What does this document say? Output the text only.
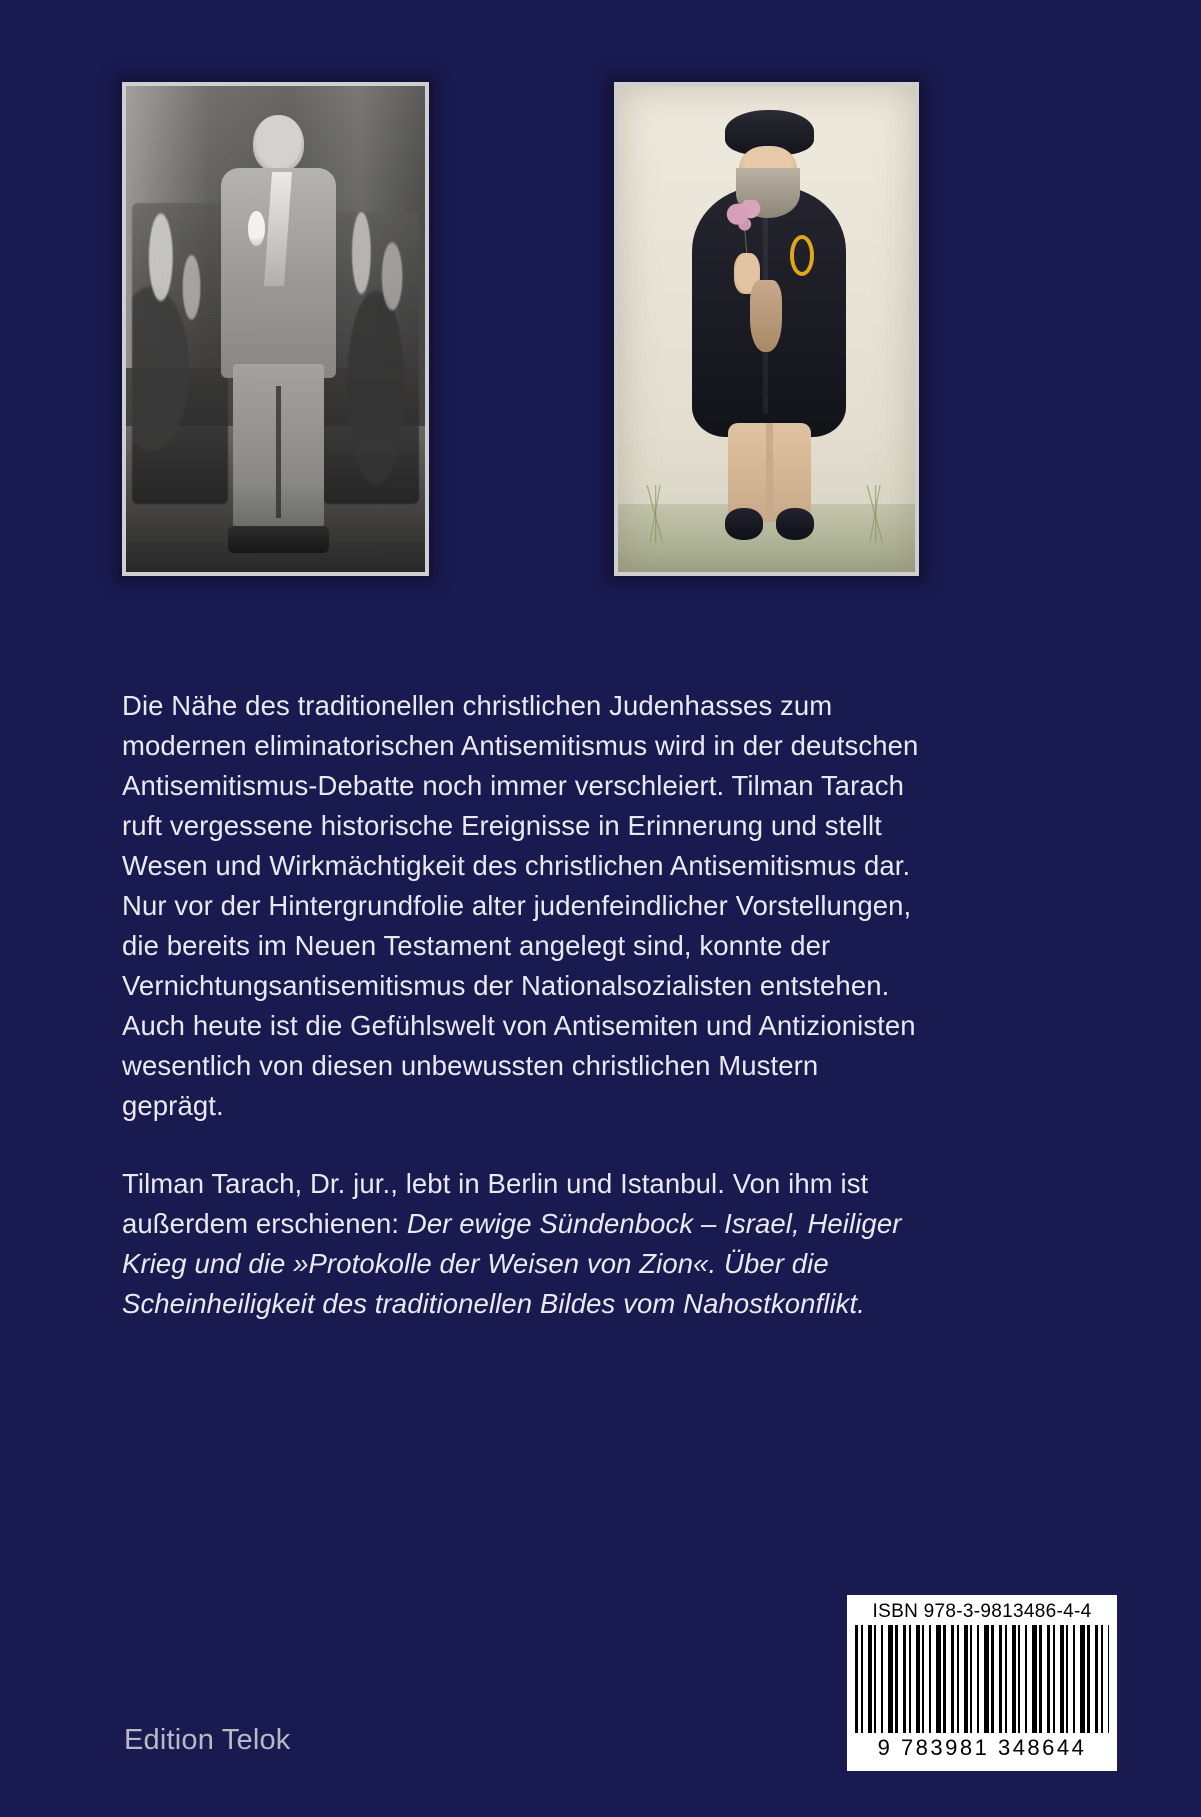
Die Nähe des traditionellen christlichen Judenhasses zum modernen eliminatorischen Antisemitismus wird in der deutschen Antisemitismus-Debatte noch immer verschleiert. Tilman Tarach ruft vergessene historische Ereignisse in Erinnerung und stellt Wesen und Wirkmächtigkeit des christlichen Antisemitismus dar. Nur vor der Hintergrundfolie alter judenfeindlicher Vorstellungen, die bereits im Neuen Testament angelegt sind, konnte der Vernichtungsantisemitismus der Nationalsozialisten entstehen. Auch heute ist die Gefühlswelt von Antisemiten und Antizionisten wesentlich von diesen unbewussten christlichen Mustern geprägt.

Tilman Tarach, Dr. jur., lebt in Berlin und Istanbul. Von ihm ist außerdem erschienen: Der ewige Sündenbock – Israel, Heiliger Krieg und die »Protokolle der Weisen von Zion«. Über die Scheinheiligkeit des traditionellen Bildes vom Nahostkonflikt.

Edition Telok
ISBN 978-3-9813486-4-4
9 783981 348644
